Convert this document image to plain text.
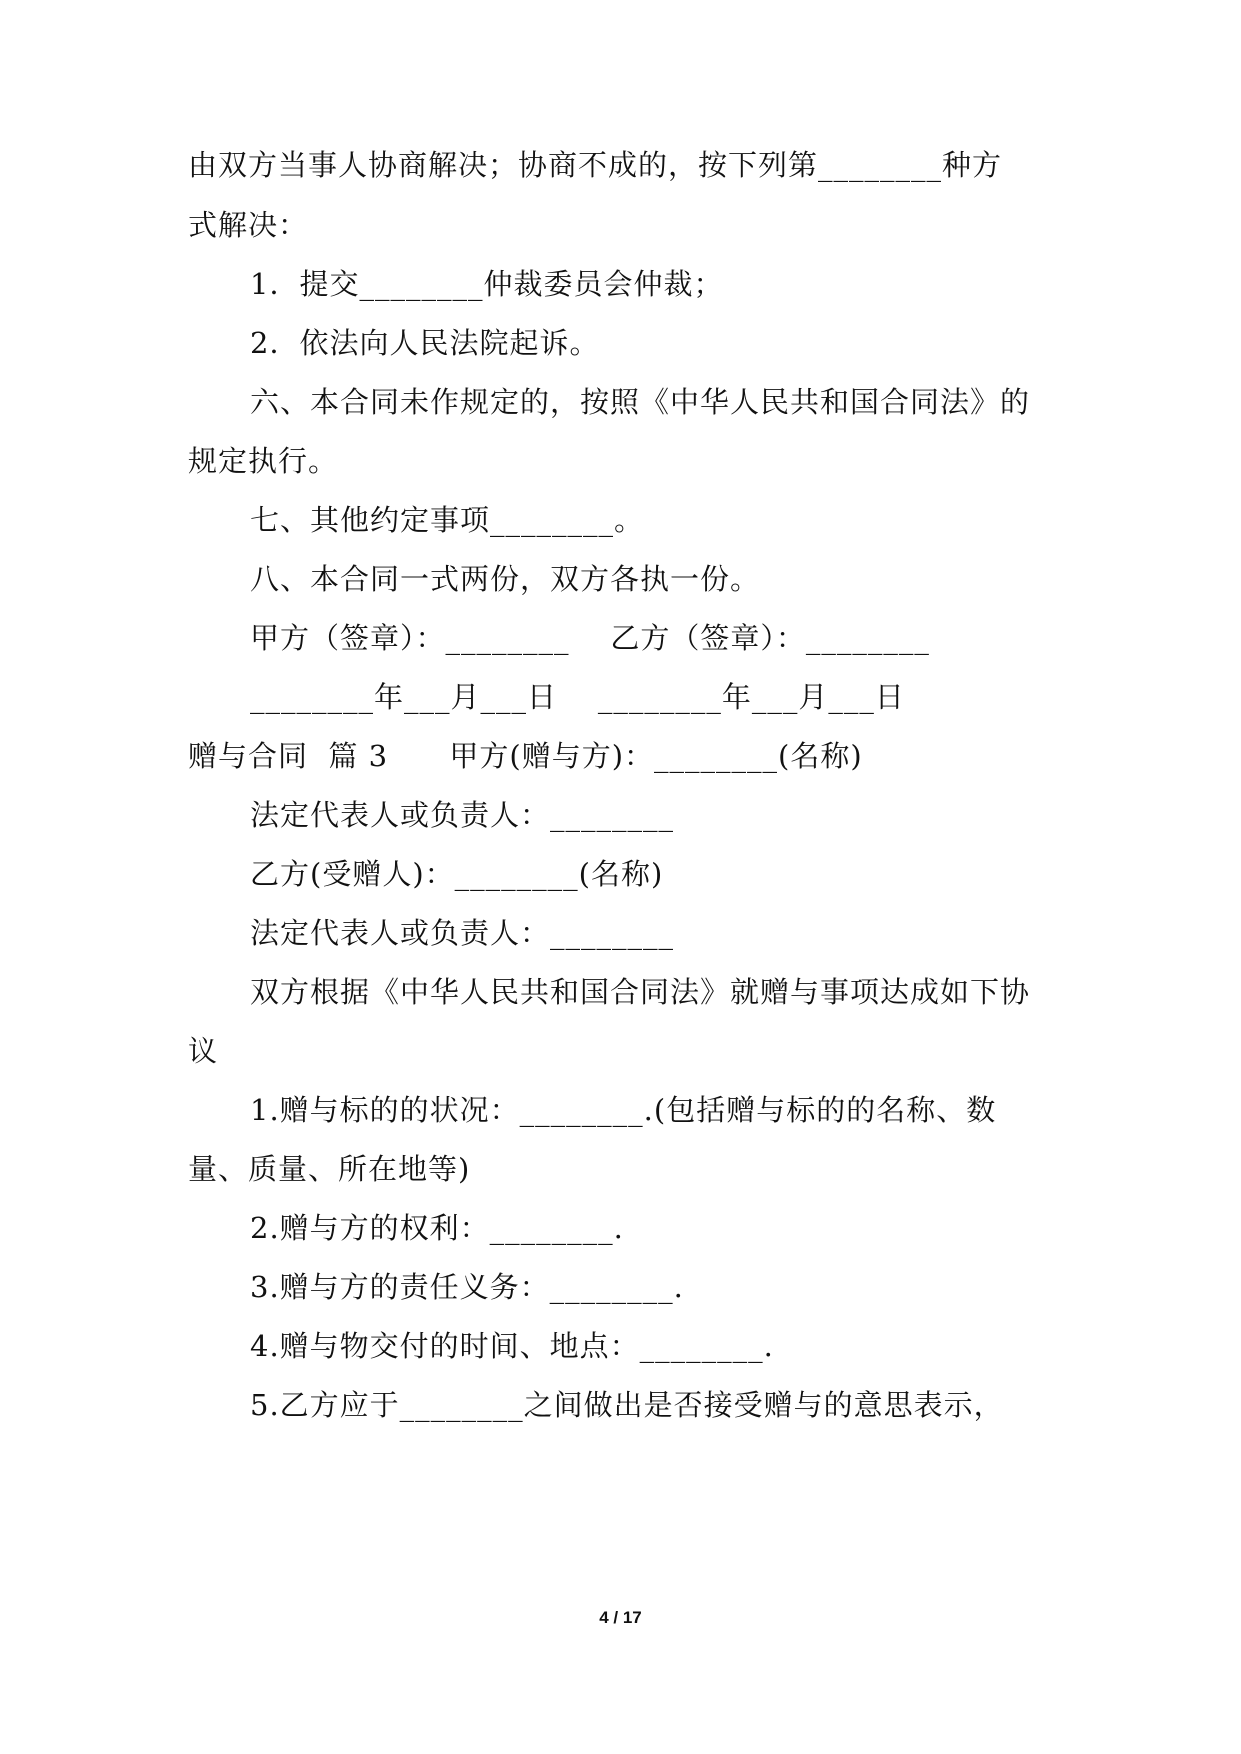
由双方当事人协商解决；协商不成的，按下列第________种方
式解决：
1．提交________仲裁委员会仲裁；
2．依法向人民法院起诉。
六、本合同未作规定的，按照《中华人民共和国合同法》的
规定执行。
七、其他约定事项________。
八、本合同一式两份，双方各执一份。
甲方（签章）：________    乙方（签章）：________
________年___月___日    ________年___月___日
赠与合同  篇 3      甲方(赠与方)：________(名称)
法定代表人或负责人：________
乙方(受赠人)：________(名称)
法定代表人或负责人：________
双方根据《中华人民共和国合同法》就赠与事项达成如下协
议
1.赠与标的的状况：________.(包括赠与标的的名称、数
量、质量、所在地等)
2.赠与方的权利：________.
3.赠与方的责任义务：________.
4.赠与物交付的时间、地点：________.
5.乙方应于________之间做出是否接受赠与的意思表示，
4 / 17
